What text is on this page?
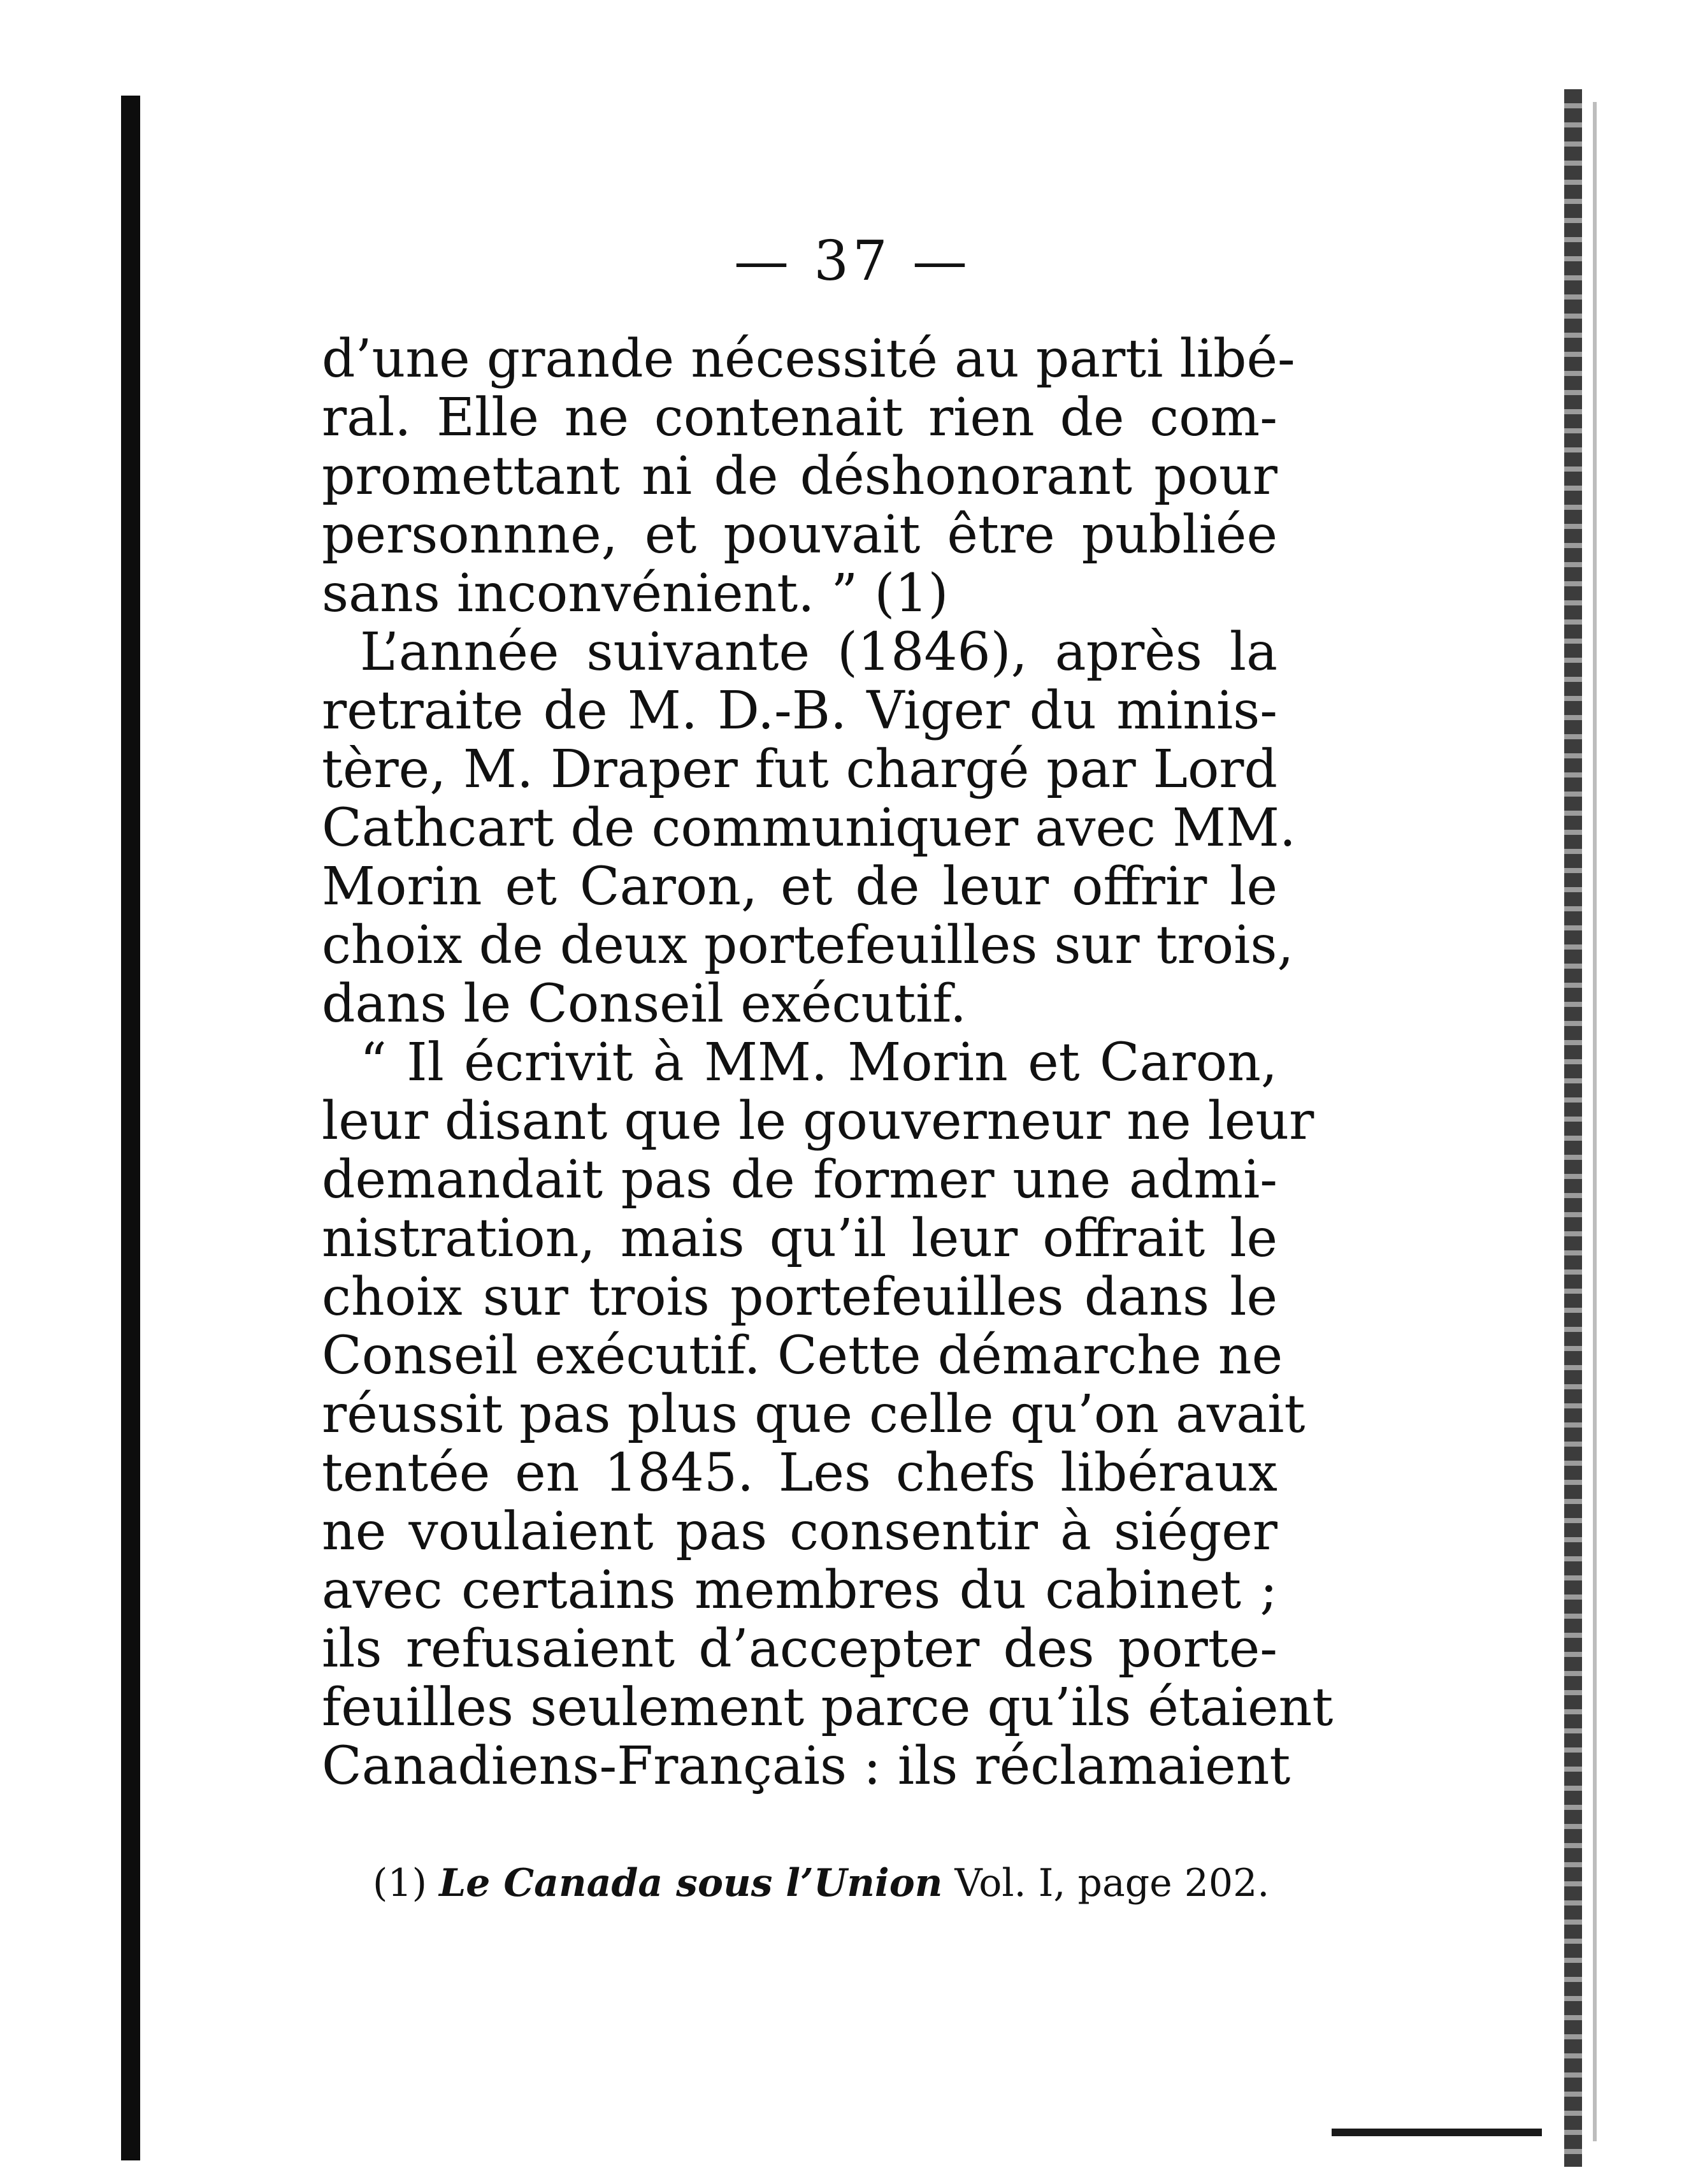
— 37 —
d’une grande nécessité au parti libé-
ral. Elle ne contenait rien de com-
promettant ni de déshonorant pour
personnne, et pouvait être publiée
sans inconvénient. ” (1)
L’année suivante (1846), après la
retraite de M. D.-B. Viger du minis-
tère, M. Draper fut chargé par Lord
Cathcart de communiquer avec MM.
Morin et Caron, et de leur offrir le
choix de deux portefeuilles sur trois,
dans le Conseil exécutif.
“ Il écrivit à MM. Morin et Caron,
leur disant que le gouverneur ne leur
demandait pas de former une admi-
nistration, mais qu’il leur offrait le
choix sur trois portefeuilles dans le
Conseil exécutif. Cette démarche ne
réussit pas plus que celle qu’on avait
tentée en 1845. Les chefs libéraux
ne voulaient pas consentir à siéger
avec certains membres du cabinet ;
ils refusaient d’accepter des porte-
feuilles seulement parce qu’ils étaient
Canadiens-Français : ils réclamaient
(1) Le Canada sous l’Union Vol. I, page 202.
